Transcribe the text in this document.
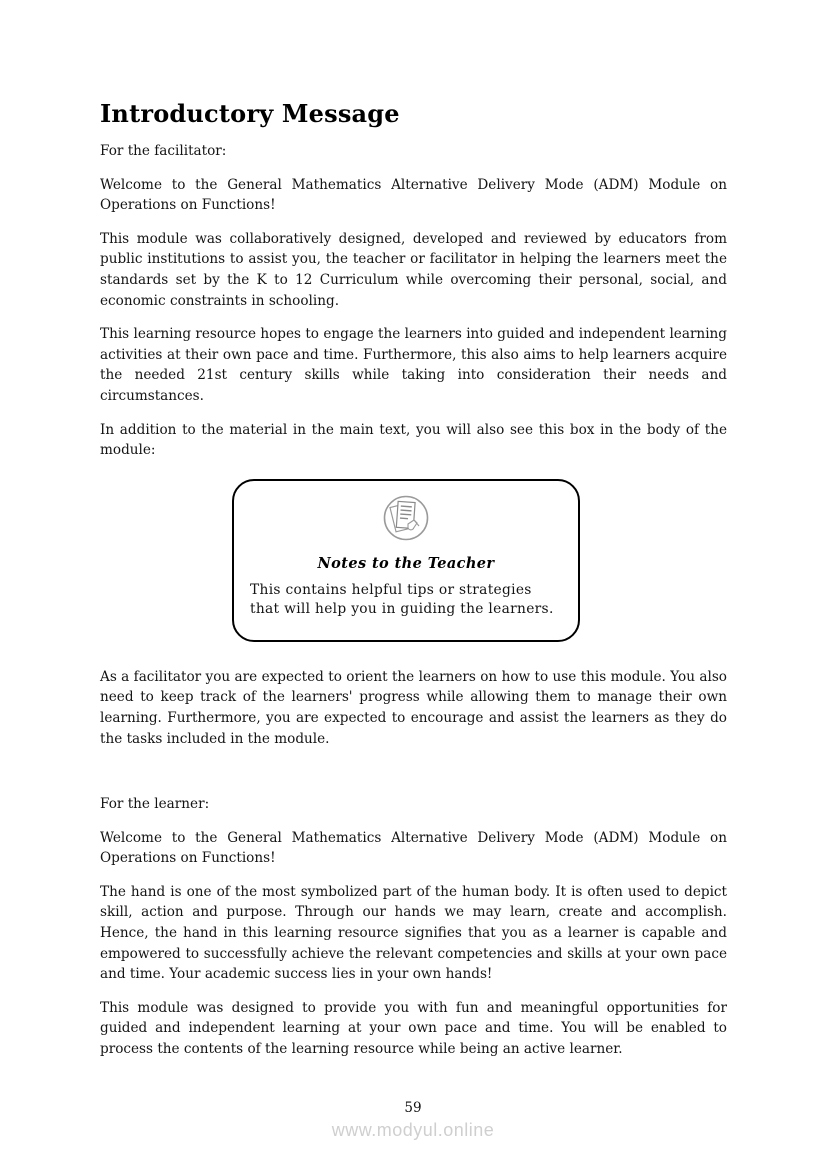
Introductory Message

For the facilitator:

Welcome to the General Mathematics Alternative Delivery Mode (ADM) Module on Operations on Functions!

This module was collaboratively designed, developed and reviewed by educators from public institutions to assist you, the teacher or facilitator in helping the learners meet the standards set by the K to 12 Curriculum while overcoming their personal, social, and economic constraints in schooling.

This learning resource hopes to engage the learners into guided and independent learning activities at their own pace and time. Furthermore, this also aims to help learners acquire the needed 21st century skills while taking into consideration their needs and circumstances.

In addition to the material in the main text, you will also see this box in the body of the module:

Notes to the Teacher
This contains helpful tips or strategies that will help you in guiding the learners.

As a facilitator you are expected to orient the learners on how to use this module. You also need to keep track of the learners' progress while allowing them to manage their own learning. Furthermore, you are expected to encourage and assist the learners as they do the tasks included in the module.

For the learner:

Welcome to the General Mathematics Alternative Delivery Mode (ADM) Module on Operations on Functions!

The hand is one of the most symbolized part of the human body. It is often used to depict skill, action and purpose. Through our hands we may learn, create and accomplish. Hence, the hand in this learning resource signifies that you as a learner is capable and empowered to successfully achieve the relevant competencies and skills at your own pace and time. Your academic success lies in your own hands!

This module was designed to provide you with fun and meaningful opportunities for guided and independent learning at your own pace and time. You will be enabled to process the contents of the learning resource while being an active learner.

59
www.modyul.online
